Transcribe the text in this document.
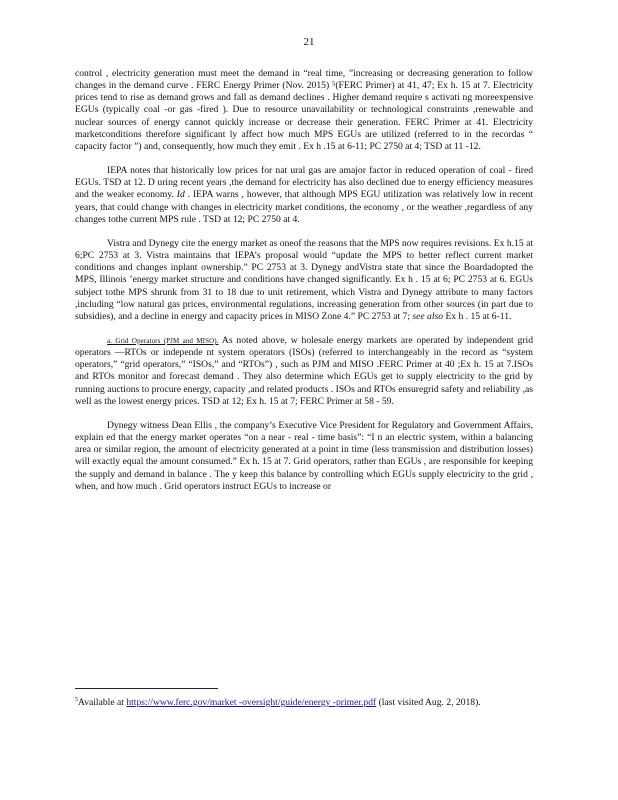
21

control , electricity generation must meet the demand in “real time, ”increasing or decreasing generation to follow changes in the demand curve . FERC Energy Primer (Nov. 2015) ⁵(FERC Primer) at 41, 47; Ex h. 15 at 7. Electricity prices tend to rise as demand grows and fall as demand declines . Higher demand require s activati ng moreexpensive EGUs (typically coal -or gas -fired ). Due to resource unavailability or technological constraints ,renewable and nuclear sources of energy cannot quickly increase or decrease their generation. FERC Primer at 41. Electricity marketconditions therefore significant ly affect how much MPS EGUs are utilized (referred to in the recordas “ capacity factor ”) and, consequently, how much they emit . Ex h .15 at 6-11; PC 2750 at 4; TSD at 11 -12.

IEPA notes that historically low prices for nat ural gas are amajor factor in reduced operation of coal - fired EGUs. TSD at 12. D uring recent years ,the demand for electricity has also declined due to energy efficiency measures and the weaker economy. Id . IEPA warns , however, that although MPS EGU utilization was relatively low in recent years, that could change with changes in electricity market conditions, the economy , or the weather ,regardless of any changes tothe current MPS rule . TSD at 12; PC 2750 at 4.

Vistra and Dynegy cite the energy market as oneof the reasons that the MPS now requires revisions. Ex h.15 at 6;PC 2753 at 3. Vistra maintains that IEPA’s proposal would “update the MPS to better reflect current market conditions and changes inplant ownership.” PC 2753 at 3. Dynegy andVistra state that since the Boardadopted the MPS, Illinois ’energy market structure and conditions have changed significantly. Ex h . 15 at 6; PC 2753 at 6. EGUs subject tothe MPS shrunk from 31 to 18 due to unit retirement, which Vistra and Dynegy attribute to many factors ,including “low natural gas prices, environmental regulations, increasing generation from other sources (in part due to subsidies), and a decline in energy and capacity prices in MISO Zone 4.” PC 2753 at 7; see also Ex h . 15 at 6-11.

a. Grid Operators (PJM and MISO). As noted above, w holesale energy markets are operated by independent grid operators —RTOs or independe nt system operators (ISOs) (referred to interchangeably in the record as “system operators,” “grid operators,” “ISOs,” and “RTOs”) , such as PJM and MISO .FERC Primer at 40 ;Ex h. 15 at 7.ISOs and RTOs monitor and forecast demand . They also determine which EGUs get to supply electricity to the grid by running auctions to procure energy, capacity ,and related products . ISOs and RTOs ensuregrid safety and reliability ,as well as the lowest energy prices. TSD at 12; Ex h. 15 at 7; FERC Primer at 58 - 59.

Dynegy witness Dean Ellis , the company’s Executive Vice President for Regulatory and Government Affairs, explain ed that the energy market operates “on a near - real - time basis”: “I n an electric system, within a balancing area or similar region, the amount of electricity generated at a point in time (less transmission and distribution losses) will exactly equal the amount consumed.” Ex h. 15 at 7. Grid operators, rather than EGUs , are responsible for keeping the supply and demand in balance . The y keep this balance by controlling which EGUs supply electricity to the grid , when, and how much . Grid operators instruct EGUs to increase or

$^5$Available at https://www.ferc.gov/market -oversight/guide/energy -primer.pdf (last visited Aug. 2, 2018).
